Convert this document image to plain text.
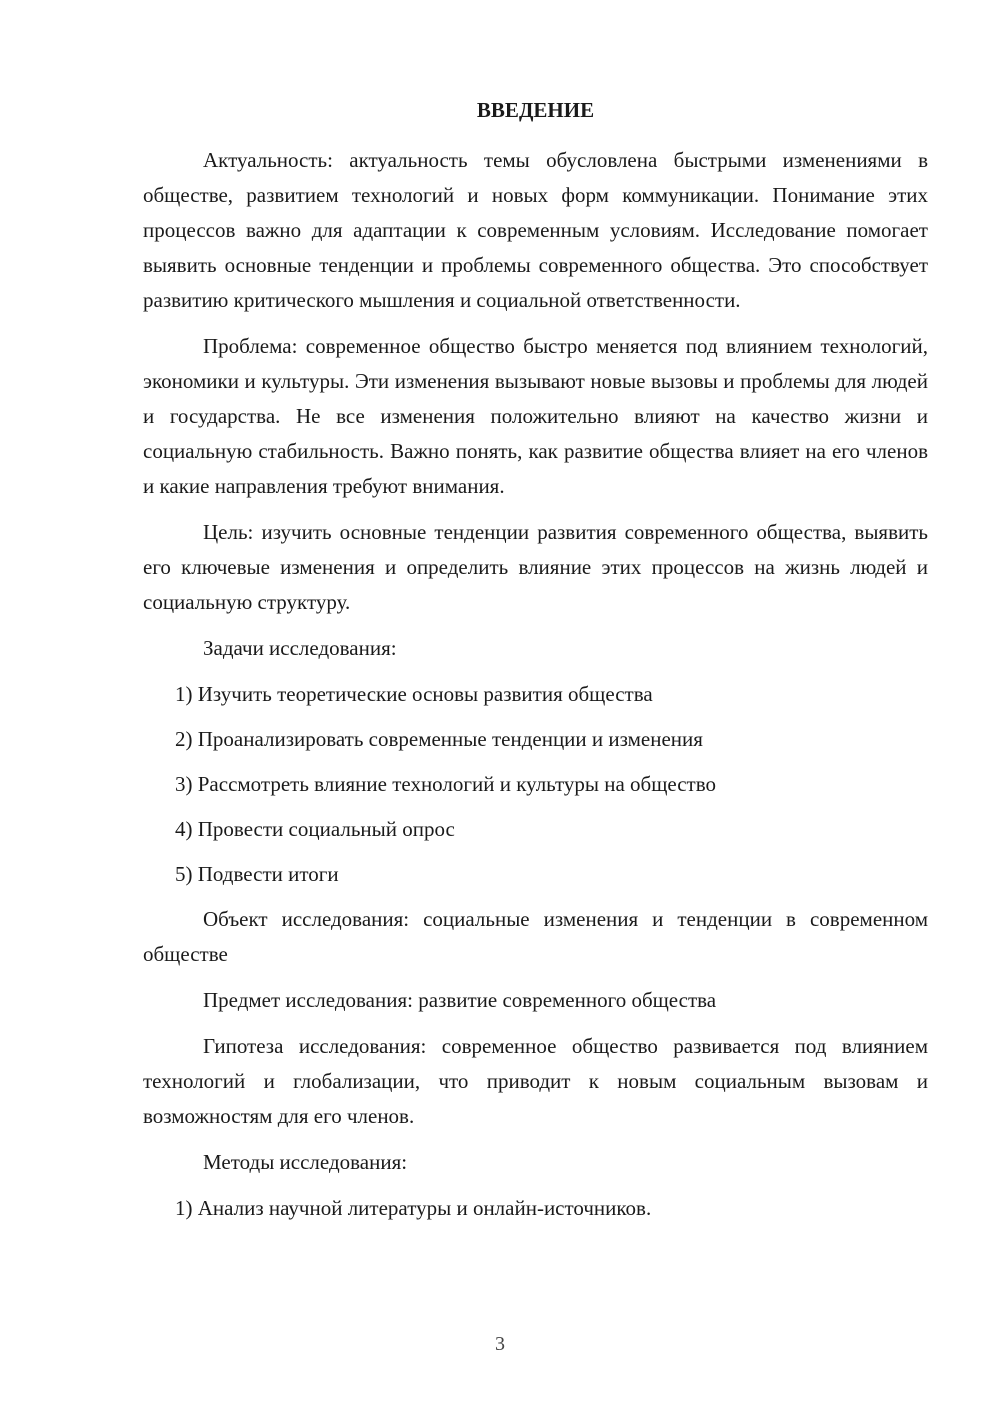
ВВЕДЕНИЕ

Актуальность: актуальность темы обусловлена быстрыми изменениями в обществе, развитием технологий и новых форм коммуникации. Понимание этих процессов важно для адаптации к современным условиям. Исследование помогает выявить основные тенденции и проблемы современного общества. Это способствует развитию критического мышления и социальной ответственности.

Проблема: современное общество быстро меняется под влиянием технологий, экономики и культуры. Эти изменения вызывают новые вызовы и проблемы для людей и государства. Не все изменения положительно влияют на качество жизни и социальную стабильность. Важно понять, как развитие общества влияет на его членов и какие направления требуют внимания.

Цель: изучить основные тенденции развития современного общества, выявить его ключевые изменения и определить влияние этих процессов на жизнь людей и социальную структуру.

Задачи исследования:

1) Изучить теоретические основы развития общества
2) Проанализировать современные тенденции и изменения
3) Рассмотреть влияние технологий и культуры на общество
4) Провести социальный опрос
5) Подвести итоги

Объект исследования: социальные изменения и тенденции в современном обществе

Предмет исследования: развитие современного общества

Гипотеза исследования: современное общество развивается под влиянием технологий и глобализации, что приводит к новым социальным вызовам и возможностям для его членов.

Методы исследования:

1) Анализ научной литературы и онлайн-источников.
3
